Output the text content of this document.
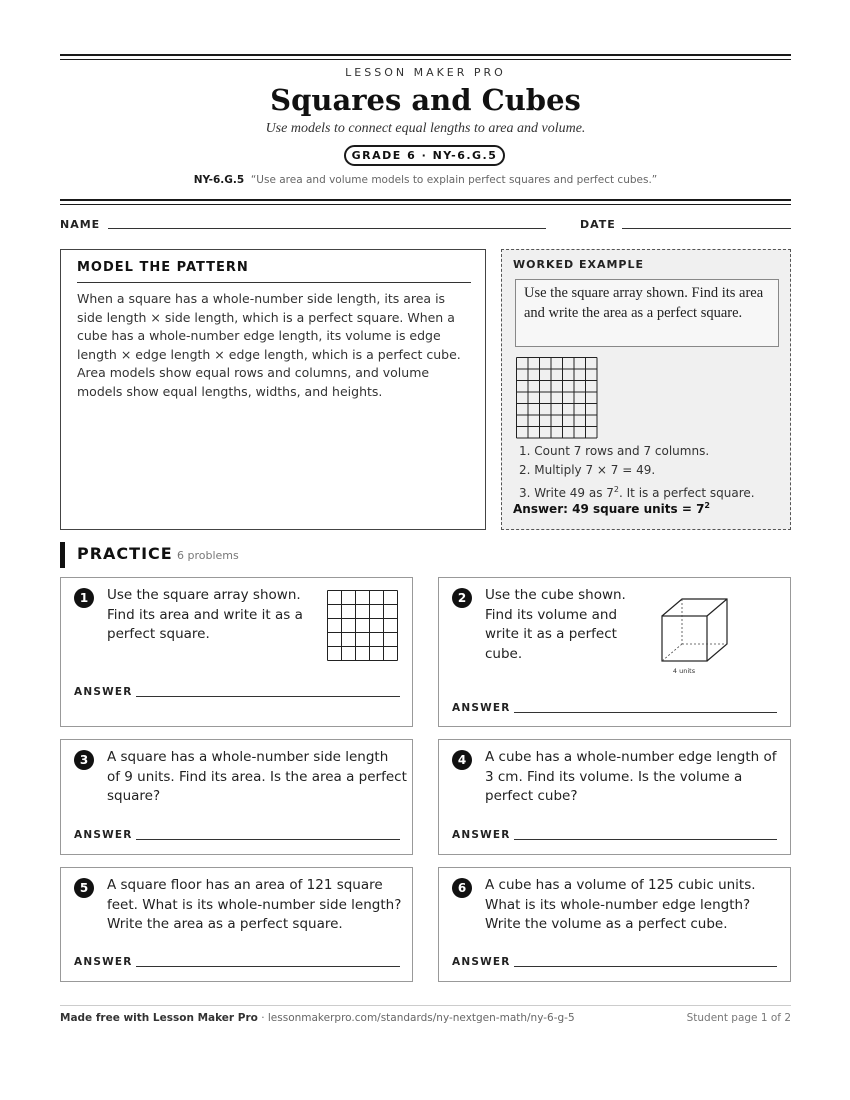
LESSON MAKER PRO
Squares and Cubes
Use models to connect equal lengths to area and volume.
GRADE 6 · NY-6.G.5
NY-6.G.5 “Use area and volume models to explain perfect squares and perfect cubes.”
NAME	DATE
MODEL THE PATTERN
When a square has a whole-number side length, its area is side length × side length, which is a perfect square. When a cube has a whole-number edge length, its volume is edge length × edge length × edge length, which is a perfect cube. Area models show equal rows and columns, and volume models show equal lengths, widths, and heights.
WORKED EXAMPLE
Use the square array shown. Find its area and write the area as a perfect square.
1. Count 7 rows and 7 columns.
2. Multiply 7 × 7 = 49.
3. Write 49 as $7^2$. It is a perfect square.
Answer: 49 square units = $7^2$
PRACTICE 6 problems
1	Use the square array shown.
Find its area and write it as a
perfect square.
ANSWER
2	Use the cube shown.
Find its volume and
write it as a perfect
cube.
4 units
ANSWER
3	A square has a whole-number side length
of 9 units. Find its area. Is the area a perfect
square?
ANSWER
4	A cube has a whole-number edge length of
3 cm. Find its volume. Is the volume a
perfect cube?
ANSWER
5	A square floor has an area of 121 square
feet. What is its whole-number side length?
Write the area as a perfect square.
ANSWER
6	A cube has a volume of 125 cubic units.
What is its whole-number edge length?
Write the volume as a perfect cube.
ANSWER
Made free with Lesson Maker Pro · lessonmakerpro.com/standards/ny-nextgen-math/ny-6-g-5	Student page 1 of 2
